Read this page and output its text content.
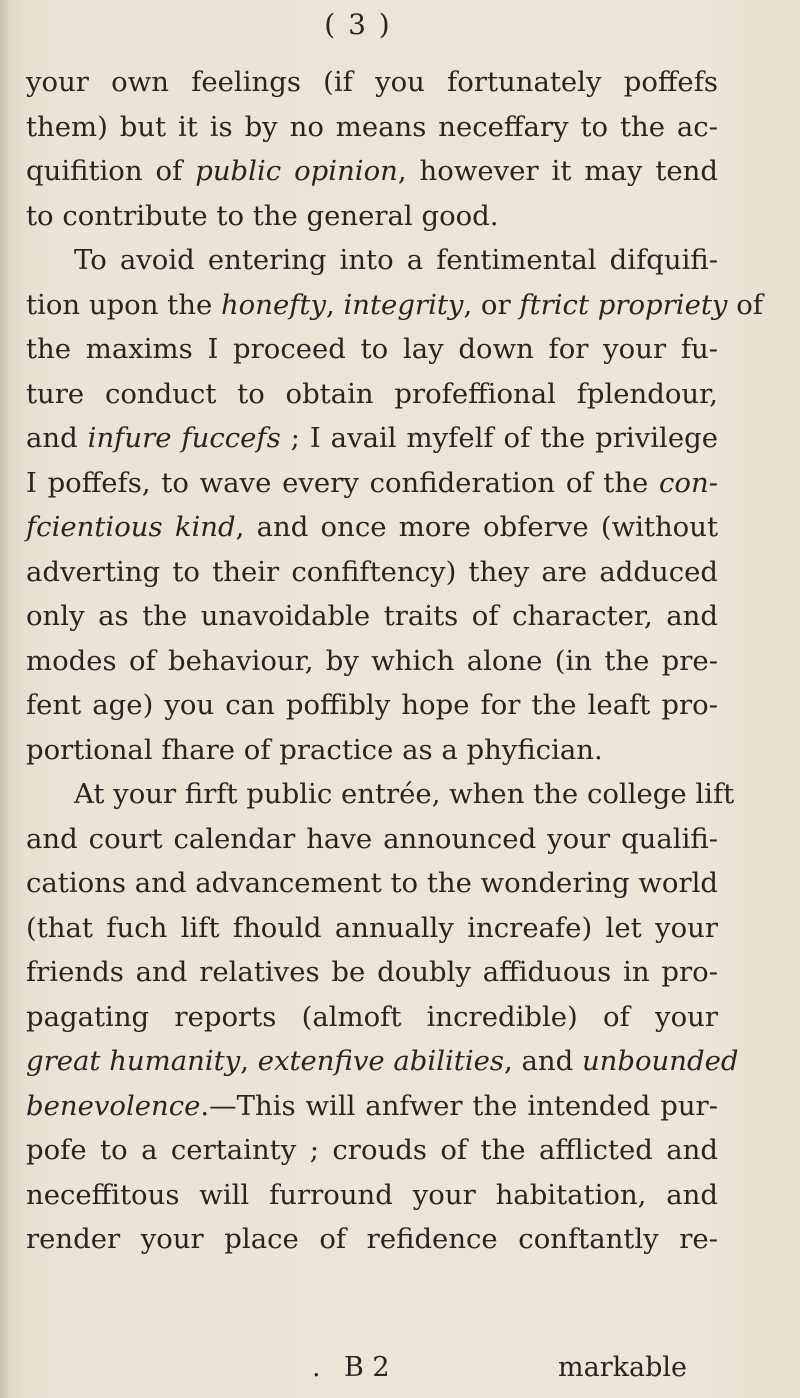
( 3 )
your own feelings (if you fortunately poffefs
them) but it is by no means neceffary to the ac-
quifition of public opinion, however it may tend
to contribute to the general good.
To avoid entering into a fentimental difquifi-
tion upon the honefty, integrity, or ftrict propriety of
the maxims I proceed to lay down for your fu-
ture conduct to obtain profeffional fplendour,
and infure fuccefs ; I avail myfelf of the privilege
I poffefs, to wave every confideration of the con-
fcientious kind, and once more obferve (without
adverting to their confiftency) they are adduced
only as the unavoidable traits of character, and
modes of behaviour, by which alone (in the pre-
fent age) you can poffibly hope for the leaft pro-
portional fhare of practice as a phyfician.
At your firft public entrée, when the college lift
and court calendar have announced your qualifi-
cations and advancement to the wondering world
(that fuch lift fhould annually increafe) let your
friends and relatives be doubly affiduous in pro-
pagating reports (almoft incredible) of your
great humanity, extenfive abilities, and unbounded
benevolence.—This will anfwer the intended pur-
pofe to a certainty ; crouds of the afflicted and
neceffitous will furround your habitation, and
render your place of refidence conftantly re-
. B 2	markable
